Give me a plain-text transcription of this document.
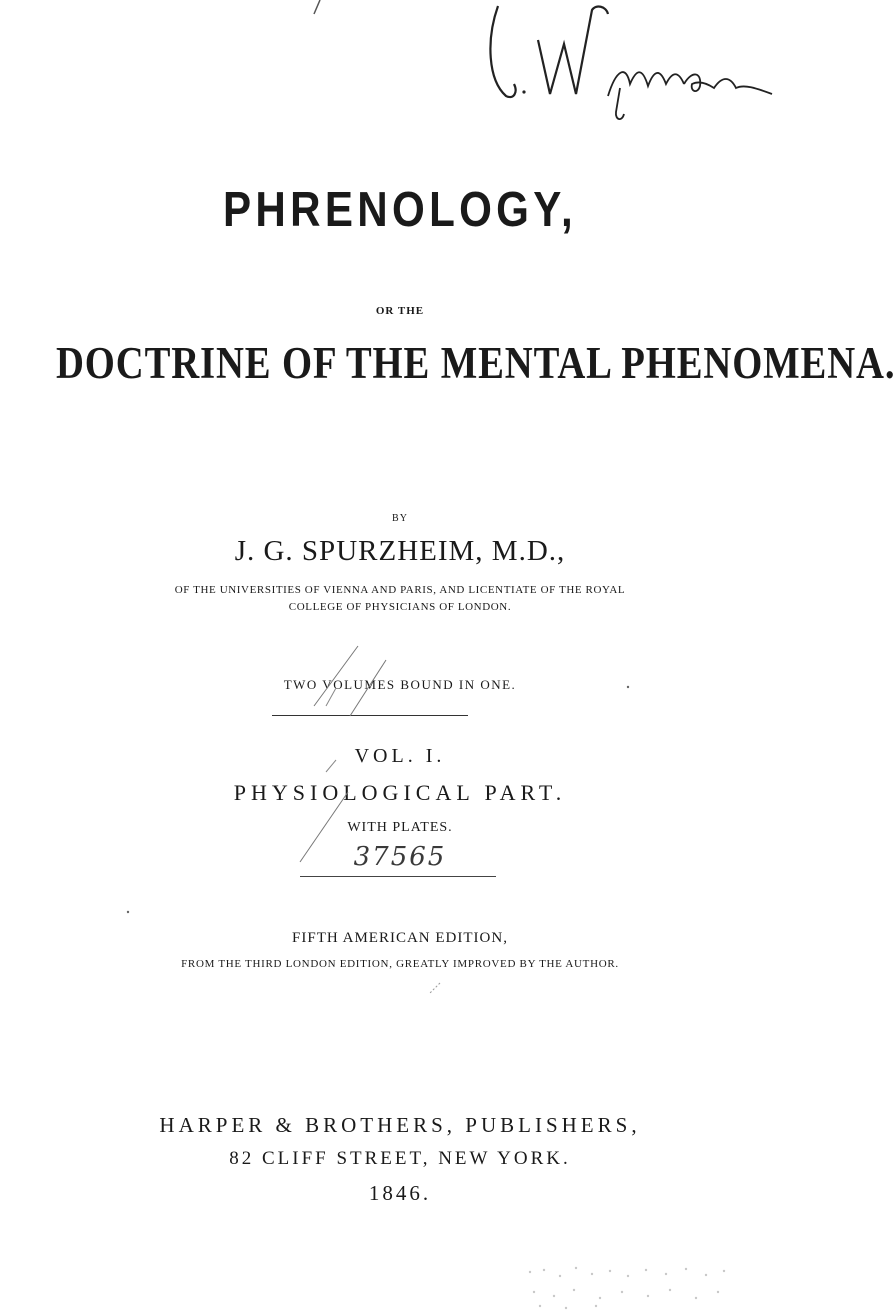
PHRENOLOGY,
OR THE
DOCTRINE OF THE MENTAL PHENOMENA.
BY
J. G. SPURZHEIM, M.D.,
OF THE UNIVERSITIES OF VIENNA AND PARIS, AND LICENTIATE OF THE ROYAL
COLLEGE OF PHYSICIANS OF LONDON.
TWO VOLUMES BOUND IN ONE.
VOL. I.
PHYSIOLOGICAL PART.
WITH PLATES.
37565
FIFTH AMERICAN EDITION,
FROM THE THIRD LONDON EDITION, GREATLY IMPROVED BY THE AUTHOR.
HARPER & BROTHERS, PUBLISHERS,
82 CLIFF STREET, NEW YORK.
1846.
